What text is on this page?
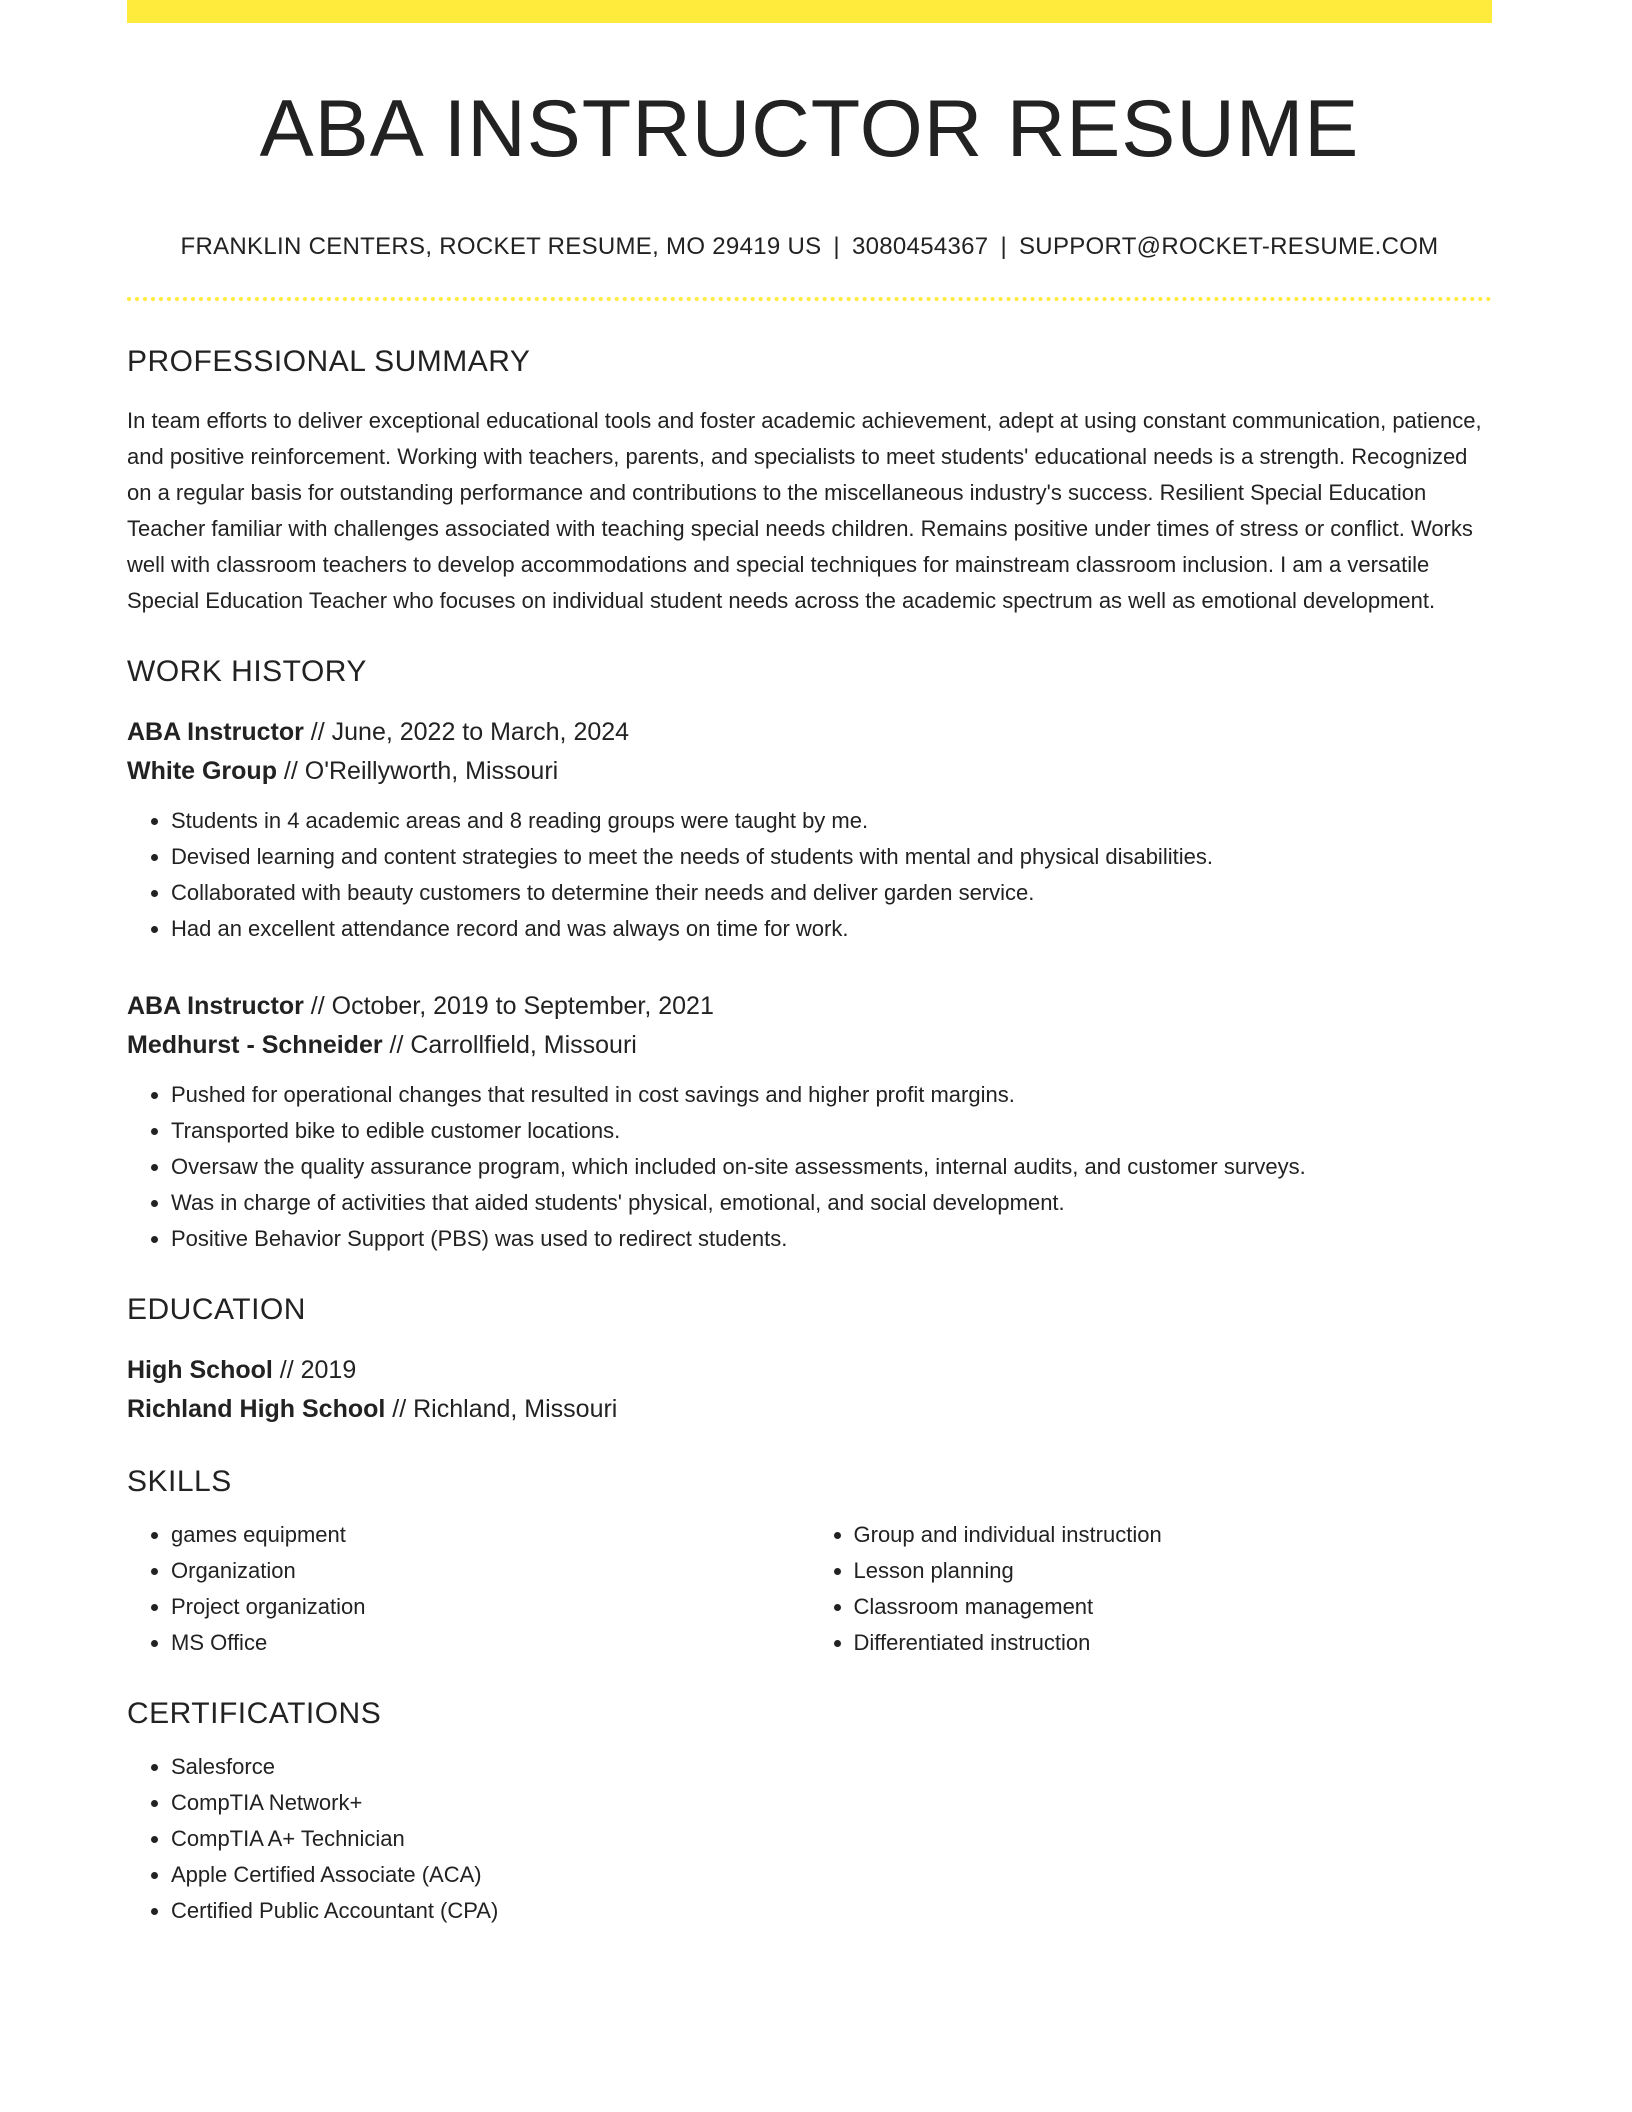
ABA INSTRUCTOR RESUME
FRANKLIN CENTERS, ROCKET RESUME, MO 29419 US | 3080454367 | SUPPORT@ROCKET-RESUME.COM
PROFESSIONAL SUMMARY
In team efforts to deliver exceptional educational tools and foster academic achievement, adept at using constant communication, patience, and positive reinforcement. Working with teachers, parents, and specialists to meet students' educational needs is a strength. Recognized on a regular basis for outstanding performance and contributions to the miscellaneous industry's success. Resilient Special Education Teacher familiar with challenges associated with teaching special needs children. Remains positive under times of stress or conflict. Works well with classroom teachers to develop accommodations and special techniques for mainstream classroom inclusion. I am a versatile Special Education Teacher who focuses on individual student needs across the academic spectrum as well as emotional development.
WORK HISTORY
ABA Instructor // June, 2022 to March, 2024
White Group // O'Reillyworth, Missouri
• Students in 4 academic areas and 8 reading groups were taught by me.
• Devised learning and content strategies to meet the needs of students with mental and physical disabilities.
• Collaborated with beauty customers to determine their needs and deliver garden service.
• Had an excellent attendance record and was always on time for work.
ABA Instructor // October, 2019 to September, 2021
Medhurst - Schneider // Carrollfield, Missouri
• Pushed for operational changes that resulted in cost savings and higher profit margins.
• Transported bike to edible customer locations.
• Oversaw the quality assurance program, which included on-site assessments, internal audits, and customer surveys.
• Was in charge of activities that aided students' physical, emotional, and social development.
• Positive Behavior Support (PBS) was used to redirect students.
EDUCATION
High School // 2019
Richland High School // Richland, Missouri
SKILLS
• games equipment
• Organization
• Project organization
• MS Office
• Group and individual instruction
• Lesson planning
• Classroom management
• Differentiated instruction
CERTIFICATIONS
• Salesforce
• CompTIA Network+
• CompTIA A+ Technician
• Apple Certified Associate (ACA)
• Certified Public Accountant (CPA)
